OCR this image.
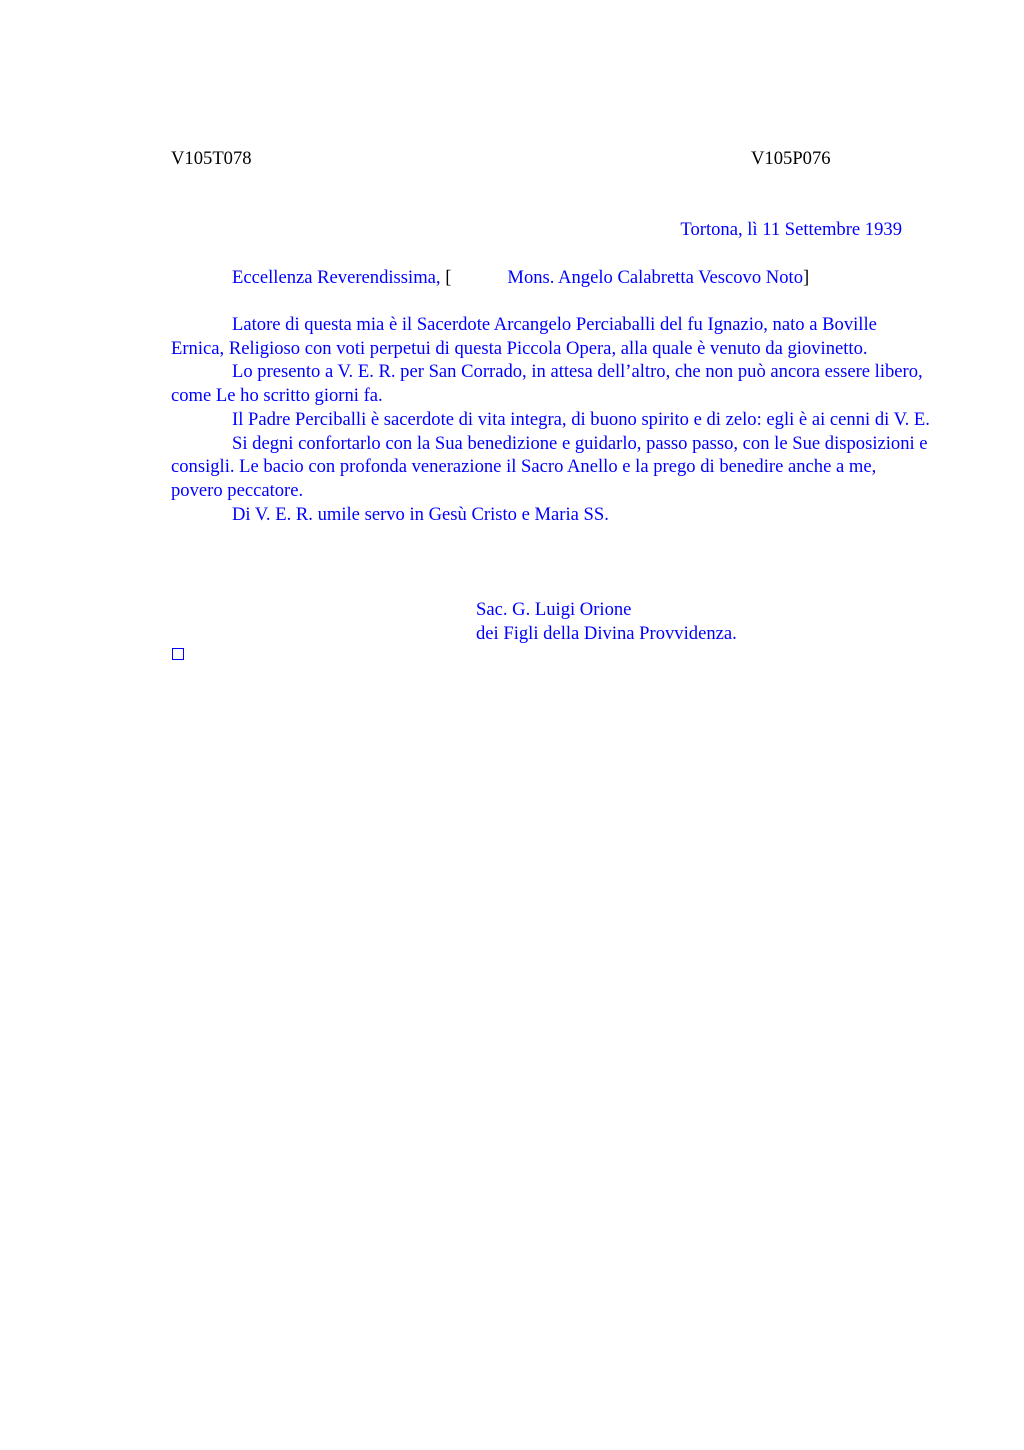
V105T078	V105P076
Tortona, lì 11 Settembre 1939
Eccellenza Reverendissima, [	Mons. Angelo Calabretta Vescovo Noto]

Latore di questa mia è il Sacerdote Arcangelo Perciaballi del fu Ignazio, nato a Boville Ernica, Religioso con voti perpetui di questa Piccola Opera, alla quale è venuto da giovinetto.

Lo presento a V. E. R. per San Corrado, in attesa dell’altro, che non può ancora essere libero, come Le ho scritto giorni fa.

Il Padre Perciballi è sacerdote di vita integra, di buono spirito e di zelo: egli è ai cenni di V. E.

Si degni confortarlo con la Sua benedizione e guidarlo, passo passo, con le Sue disposizioni e consigli. Le bacio con profonda venerazione il Sacro Anello e la prego di benedire anche a me, povero peccatore.

Di V. E. R. umile servo in Gesù Cristo e Maria SS.

Sac. G. Luigi Orione
dei Figli della Divina Provvidenza.
